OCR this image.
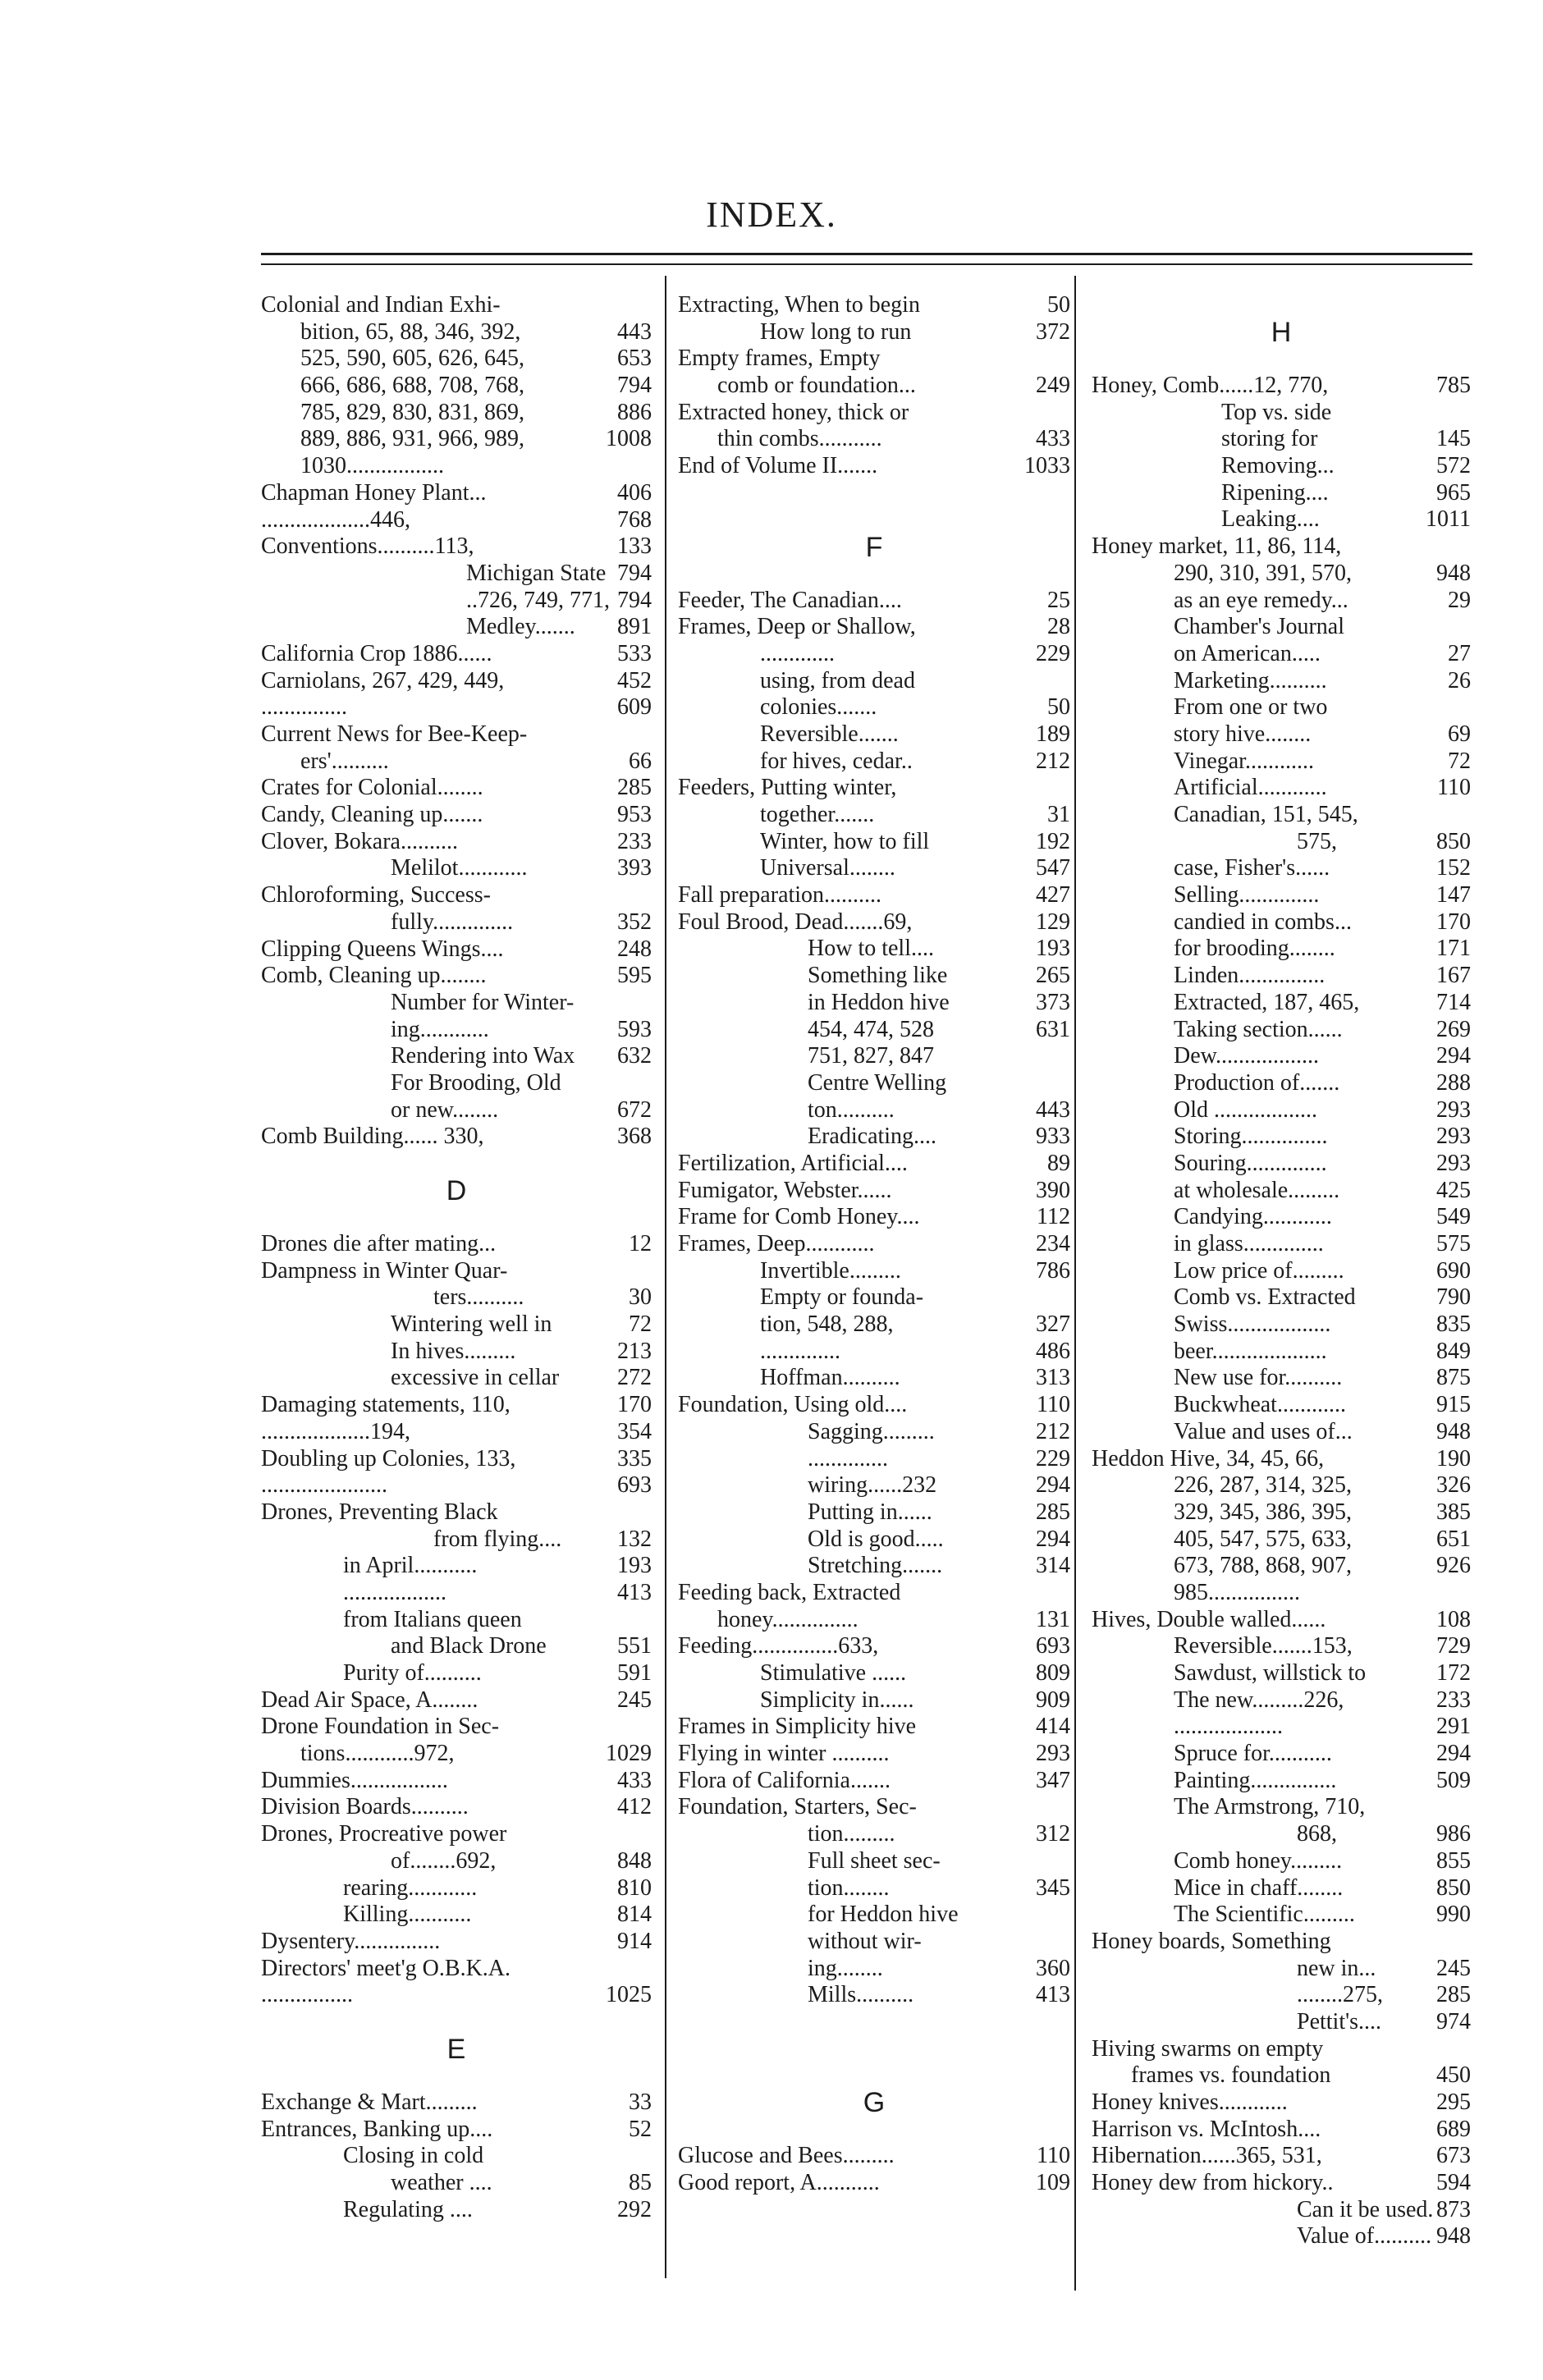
INDEX.
Colonial and Indian Exhi-
bition, 65, 88, 346, 392,	443
525, 590, 605, 626, 645,	653
666, 686, 688, 708, 768,	794
785, 829, 830, 831, 869,	886
889, 886, 931, 966, 989,	1008
1030.................
Chapman Honey Plant...	406
...................446,	768
Conventions..........113,	133
Michigan State 794
..726, 749, 771, 794
Medley....... 891
California Crop 1886......	533
Carniolans, 267, 429, 449,	452
...............	609
Current News for Bee-Keep-
ers'..........	66
Crates for Colonial........	285
Candy, Cleaning up.......	953
Clover, Bokara..........	233
Melilot............	393
Chloroforming, Success-
fully..............	352
Clipping Queens Wings....	248
Comb, Cleaning up........	595
Number for Winter-
ing............	593
Rendering into Wax 632
For Brooding, Old
or new........	672
Comb Building...... 330,	368
D
Drones die after mating...	12
Dampness in Winter Quar-
ters..........	30
Wintering well in	72
In hives.........	213
excessive in cellar	272
Damaging statements, 110,	170
...................194,	354
Doubling up Colonies, 133,	335
......................	693
Drones, Preventing Black
from flying.... 132
in April...........	193
..................	413
from Italians queen
and Black Drone	551
Purity of..........	591
Dead Air Space, A........	245
Drone Foundation in Sec-
tions............972,	1029
Dummies.................	433
Division Boards..........	412
Drones, Procreative power
of........692,	848
rearing............	810
Killing...........	814
Dysentery...............	914
Directors' meet'g O.B.K.A.
................	1025
E
Exchange & Mart.........	33
Entrances, Banking up....	52
Closing in cold
weather ....	85
Regulating ....	292
Extracting, When to begin	50
How long to run	372
Empty frames, Empty
comb or foundation...	249
Extracted honey, thick or
thin combs...........	433
End of Volume II.......	1033
F
Feeder, The Canadian....	25
Frames, Deep or Shallow,	28
.............	229
using, from dead
colonies.......	50
Reversible.......	189
for hives, cedar..	212
Feeders, Putting winter,
together.......	31
Winter, how to fill	192
Universal........	547
Fall preparation..........	427
Foul Brood, Dead.......69,	129
How to tell....	193
Something like	265
in Heddon hive	373
454, 474, 528	631
751, 827, 847
Centre Welling
ton..........	443
Eradicating....	933
Fertilization, Artificial....	89
Fumigator, Webster......	390
Frame for Comb Honey....	112
Frames, Deep............	234
Invertible.........	786
Empty or founda-
tion, 548, 288,	327
..............	486
Hoffman..........	313
Foundation, Using old....	110
Sagging.........	212
..............	229
wiring......232	294
Putting in......	285
Old is good.....	294
Stretching.......	314
Feeding back, Extracted
honey...............	131
Feeding...............633,	693
Stimulative ......	809
Simplicity in......	909
Frames in Simplicity hive	414
Flying in winter ..........	293
Flora of California.......	347
Foundation, Starters, Sec-
tion.........	312
Full sheet sec-
tion........	345
for Heddon hive
without wir-
ing........	360
Mills..........	413
G
Glucose and Bees.........	110
Good report, A...........	109
H
Honey, Comb......12, 770,	785
Top vs. side
storing for	145
Removing...	572
Ripening....	965
Leaking....	1011
Honey market, 11, 86, 114,
290, 310, 391, 570,	948
as an eye remedy...	29
Chamber's Journal
on American.....	27
Marketing..........	26
From one or two
story hive........	69
Vinegar............	72
Artificial............	110
Canadian, 151, 545,
575,	850
case, Fisher's......	152
Selling..............	147
candied in combs...	170
for brooding........	171
Linden...............	167
Extracted, 187, 465,	714
Taking section......	269
Dew..................	294
Production of.......	288
Old ..................	293
Storing...............	293
Souring..............	293
at wholesale.........	425
Candying............	549
in glass..............	575
Low price of.........	690
Comb vs. Extracted	790
Swiss..................	835
beer....................	849
New use for..........	875
Buckwheat............	915
Value and uses of...	948
Heddon Hive, 34, 45, 66,	190
226, 287, 314, 325,	326
329, 345, 386, 395,	385
405, 547, 575, 633,	651
673, 788, 868, 907,	926
985................
Hives, Double walled......	108
Reversible.......153,	729
Sawdust, willstick to	172
The new.........226,	233
...................	291
Spruce for...........	294
Painting...............	509
The Armstrong, 710,
868,	986
Comb honey.........	855
Mice in chaff........	850
The Scientific.........	990
Honey boards, Something
new in...	245
........275, 285
Pettit's.... 974
Hiving swarms on empty
frames vs. foundation	450
Honey knives............	295
Harrison vs. McIntosh....	689
Hibernation......365, 531,	673
Honey dew from hickory..	594
Can it be used. 873
Value of.......... 948
